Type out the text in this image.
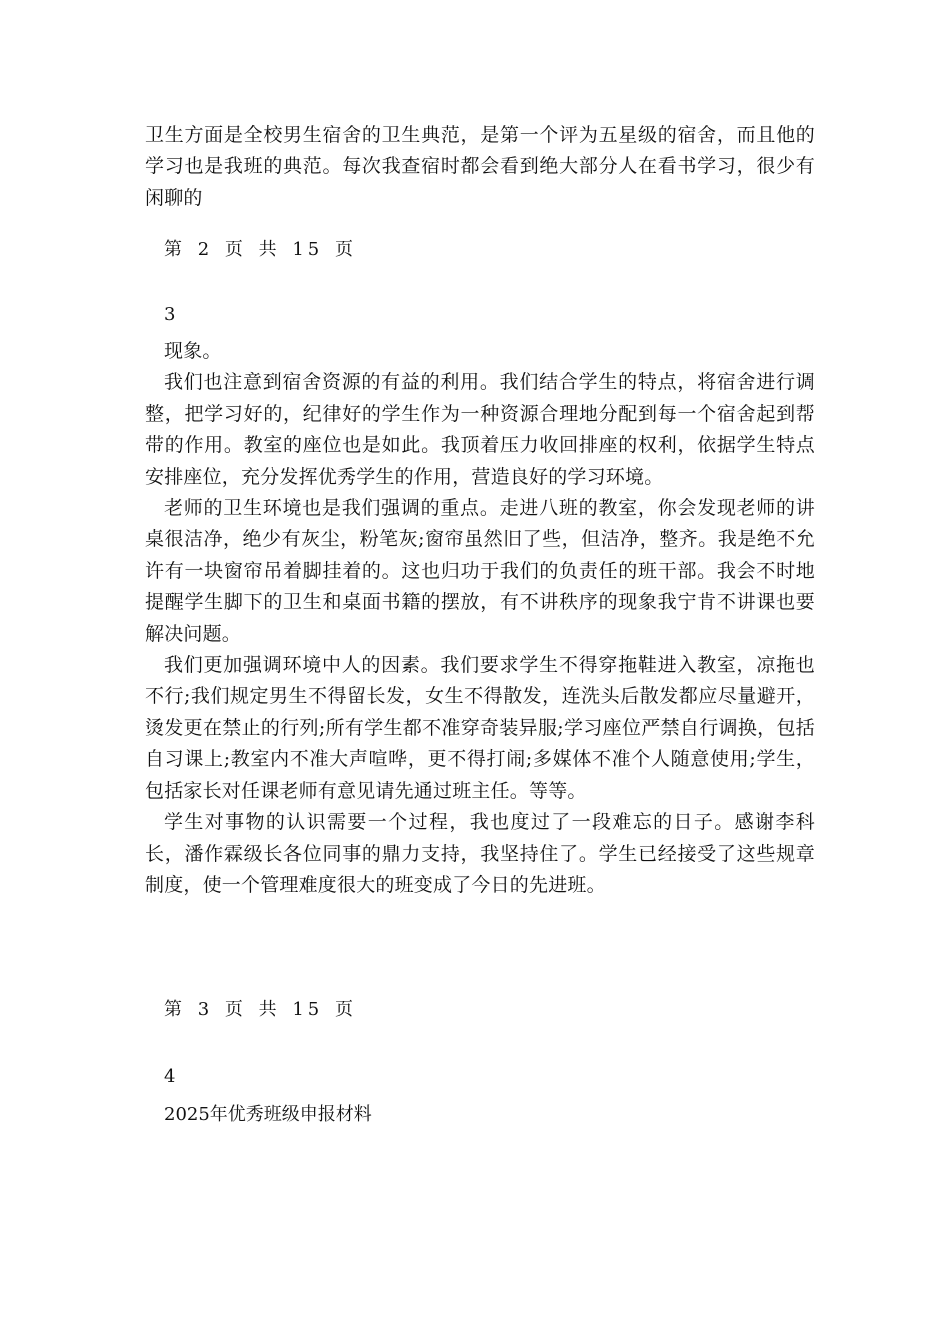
卫生方面是全校男生宿舍的卫生典范，是第一个评为五星级的宿舍，而且他的学习也是我班的典范。每次我查宿时都会看到绝大部分人在看书学习，很少有闲聊的

第 2 页 共 15 页
3

现象。

我们也注意到宿舍资源的有益的利用。我们结合学生的特点，将宿舍进行调整，把学习好的，纪律好的学生作为一种资源合理地分配到每一个宿舍起到帮带的作用。教室的座位也是如此。我顶着压力收回排座的权利，依据学生特点安排座位，充分发挥优秀学生的作用，营造良好的学习环境。

老师的卫生环境也是我们强调的重点。走进八班的教室，你会发现老师的讲桌很洁净，绝少有灰尘，粉笔灰;窗帘虽然旧了些，但洁净，整齐。我是绝不允许有一块窗帘吊着脚挂着的。这也归功于我们的负责任的班干部。我会不时地提醒学生脚下的卫生和桌面书籍的摆放，有不讲秩序的现象我宁肯不讲课也要解决问题。

我们更加强调环境中人的因素。我们要求学生不得穿拖鞋进入教室，凉拖也不行;我们规定男生不得留长发，女生不得散发，连洗头后散发都应尽量避开，烫发更在禁止的行列;所有学生都不准穿奇装异服;学习座位严禁自行调换，包括自习课上;教室内不准大声喧哗，更不得打闹;多媒体不准个人随意使用;学生，包括家长对任课老师有意见请先通过班主任。等等。

学生对事物的认识需要一个过程，我也度过了一段难忘的日子。感谢李科长，潘作霖级长各位同事的鼎力支持，我坚持住了。学生已经接受了这些规章制度，使一个管理难度很大的班变成了今日的先进班。

第 3 页 共 15 页
4
2025年优秀班级申报材料
